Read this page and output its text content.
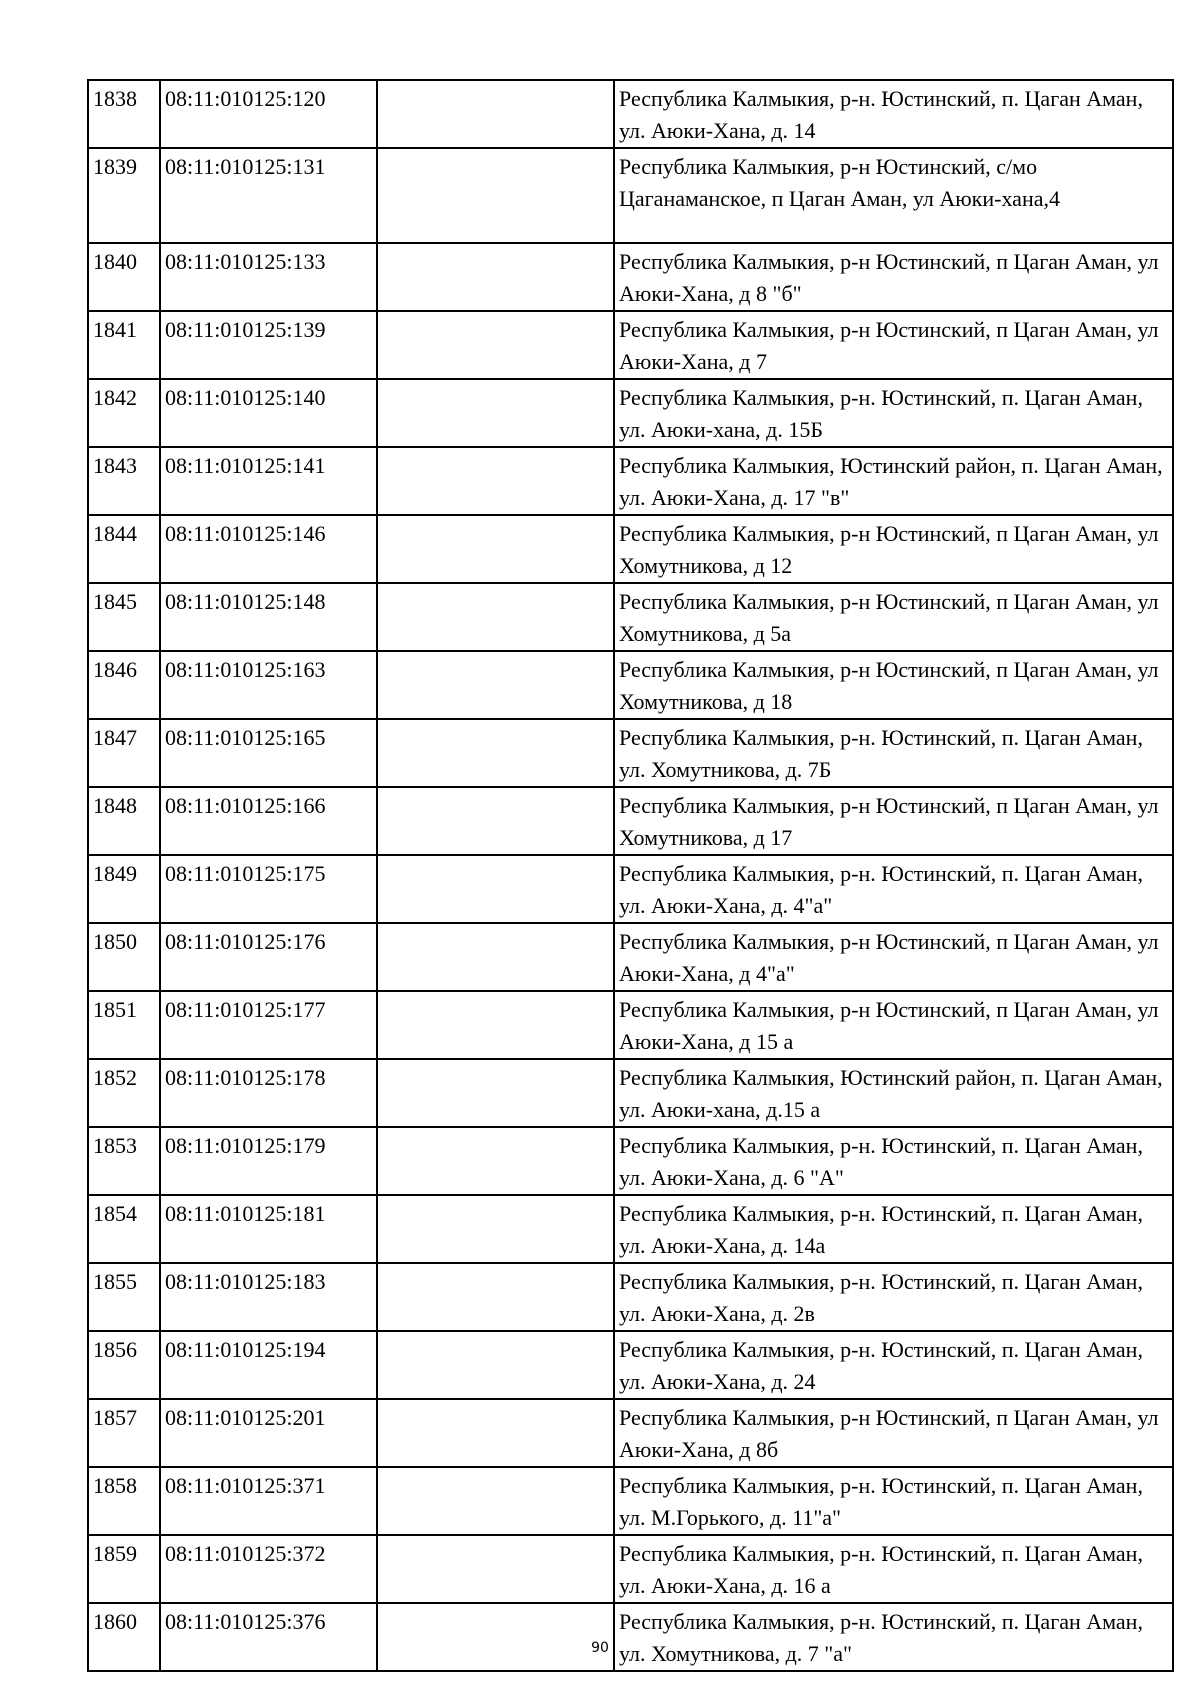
1838	08:11:010125:120		Республика Калмыкия, р-н. Юстинский, п. Цаган Аман, ул. Аюки-Хана, д. 14
1839	08:11:010125:131		Республика Калмыкия, р-н Юстинский, с/мо Цаганаманское, п Цаган Аман, ул Аюки-хана,4
1840	08:11:010125:133		Республика Калмыкия, р-н Юстинский, п Цаган Аман, ул Аюки-Хана, д 8 "б"
1841	08:11:010125:139		Республика Калмыкия, р-н Юстинский, п Цаган Аман, ул Аюки-Хана, д 7
1842	08:11:010125:140		Республика Калмыкия, р-н. Юстинский, п. Цаган Аман, ул. Аюки-хана, д. 15Б
1843	08:11:010125:141		Республика Калмыкия, Юстинский район, п. Цаган Аман, ул. Аюки-Хана, д. 17 "в"
1844	08:11:010125:146		Республика Калмыкия, р-н Юстинский, п Цаган Аман, ул Хомутникова, д 12
1845	08:11:010125:148		Республика Калмыкия, р-н Юстинский, п Цаган Аман, ул Хомутникова, д 5а
1846	08:11:010125:163		Республика Калмыкия, р-н Юстинский, п Цаган Аман, ул Хомутникова, д 18
1847	08:11:010125:165		Республика Калмыкия, р-н. Юстинский, п. Цаган Аман, ул. Хомутникова, д. 7Б
1848	08:11:010125:166		Республика Калмыкия, р-н Юстинский, п Цаган Аман, ул Хомутникова, д 17
1849	08:11:010125:175		Республика Калмыкия, р-н. Юстинский, п. Цаган Аман, ул. Аюки-Хана, д. 4"а"
1850	08:11:010125:176		Республика Калмыкия, р-н Юстинский, п Цаган Аман, ул Аюки-Хана, д 4"а"
1851	08:11:010125:177		Республика Калмыкия, р-н Юстинский, п Цаган Аман, ул Аюки-Хана, д 15 а
1852	08:11:010125:178		Республика Калмыкия, Юстинский район, п. Цаган Аман, ул. Аюки-хана, д.15 а
1853	08:11:010125:179		Республика Калмыкия, р-н. Юстинский, п. Цаган Аман, ул. Аюки-Хана, д. 6 "А"
1854	08:11:010125:181		Республика Калмыкия, р-н. Юстинский, п. Цаган Аман, ул. Аюки-Хана, д. 14а
1855	08:11:010125:183		Республика Калмыкия, р-н. Юстинский, п. Цаган Аман, ул. Аюки-Хана, д. 2в
1856	08:11:010125:194		Республика Калмыкия, р-н. Юстинский, п. Цаган Аман, ул. Аюки-Хана, д. 24
1857	08:11:010125:201		Республика Калмыкия, р-н Юстинский, п Цаган Аман, ул Аюки-Хана, д 8б
1858	08:11:010125:371		Республика Калмыкия, р-н. Юстинский, п. Цаган Аман, ул. М.Горького, д. 11"а"
1859	08:11:010125:372		Республика Калмыкия, р-н. Юстинский, п. Цаган Аман, ул. Аюки-Хана, д. 16 а
1860	08:11:010125:376		Республика Калмыкия, р-н. Юстинский, п. Цаган Аман, ул. Хомутникова, д. 7 "а"
90
